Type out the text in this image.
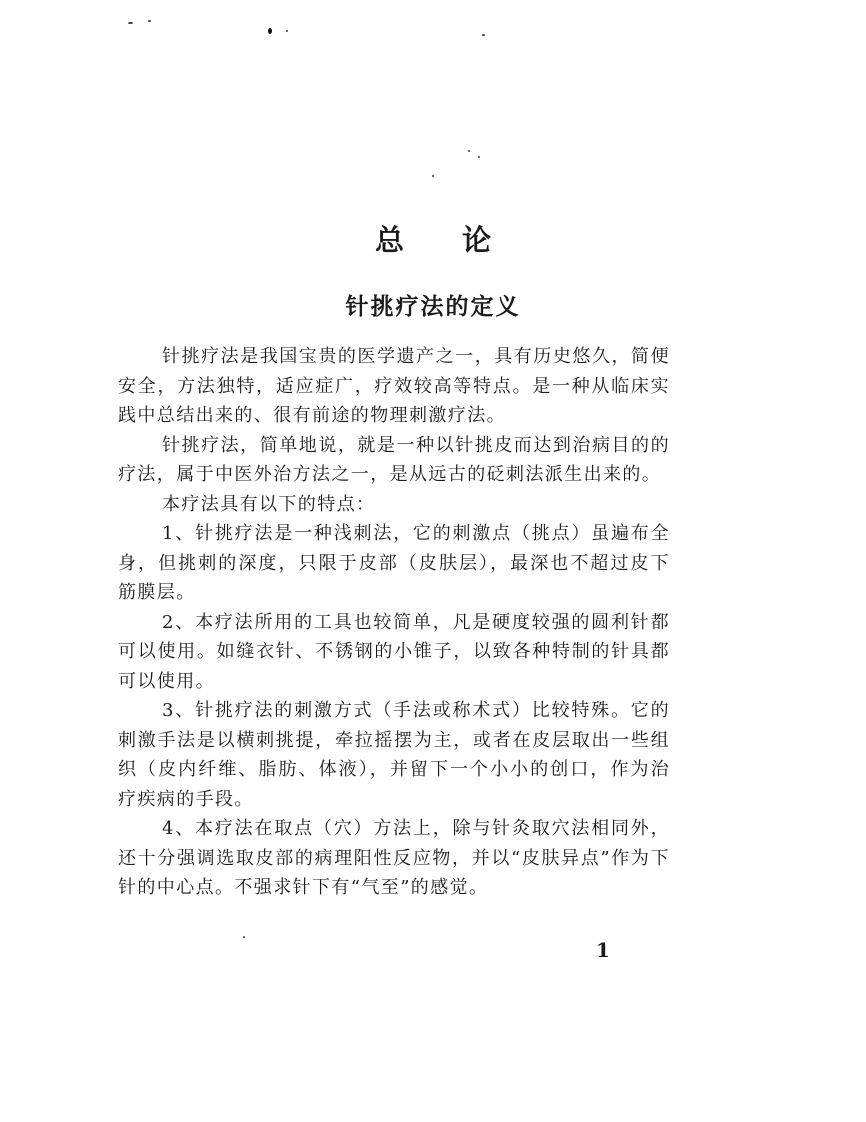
总论
针挑疗法的定义

针挑疗法是我国宝贵的医学遗产之一，具有历史悠久，简便安全，方法独特，适应症广，疗效较高等特点。是一种从临床实践中总结出来的、很有前途的物理刺激疗法。

针挑疗法，简单地说，就是一种以针挑皮而达到治病目的的疗法，属于中医外治方法之一，是从远古的砭刺法派生出来的。

本疗法具有以下的特点：

1、针挑疗法是一种浅刺法，它的刺激点（挑点）虽遍布全身，但挑刺的深度，只限于皮部（皮肤层），最深也不超过皮下筋膜层。

2、本疗法所用的工具也较简单，凡是硬度较强的圆利针都可以使用。如缝衣针、不锈钢的小锥子，以致各种特制的针具都可以使用。

3、针挑疗法的刺激方式（手法或称术式）比较特殊。它的刺激手法是以横刺挑提，牵拉摇摆为主，或者在皮层取出一些组织（皮内纤维、脂肪、体液），并留下一个小小的创口，作为治疗疾病的手段。

4、本疗法在取点（穴）方法上，除与针灸取穴法相同外，还十分强调选取皮部的病理阳性反应物，并以“皮肤异点”作为下针的中心点。不强求针下有“气至”的感觉。

1
